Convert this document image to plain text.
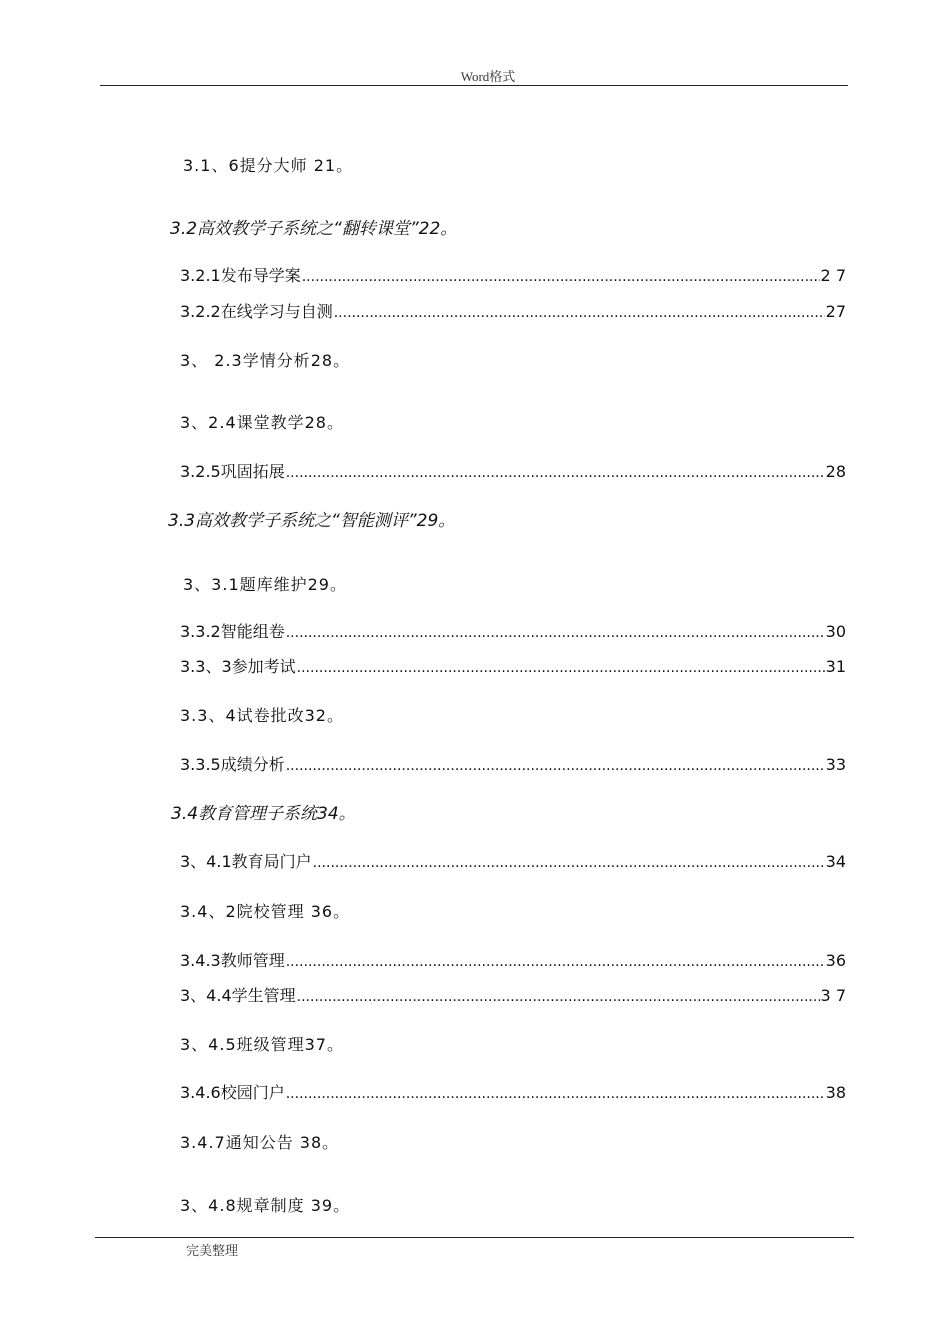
Word格式
3.1、6提分大师 21。
3.2高效教学子系统之“翻转课堂”22。
3.2.1发布导学案 .....	2 7
3.2.2在线学习与自测 .....	27
3、 2.3学情分析28。
3、2.4课堂教学28。
3.2.5巩固拓展 .....	28
3.3高效教学子系统之“智能测评”29。
3、3.1题库维护29。
3.3.2智能组卷 .....	30
3.3、3参加考试 .....	31
3.3、4试卷批改32。
3.3.5成绩分析 .....	33
3.4教育管理子系统34。
3、4.1教育局门户 .....	34
3.4、2院校管理 36。
3.4.3教师管理 .....	36
3、4.4学生管理 .....	3 7
3、4.5班级管理37。
3.4.6校园门户 .....	38
3.4.7通知公告 38。
3、4.8规章制度 39。
完美整理
